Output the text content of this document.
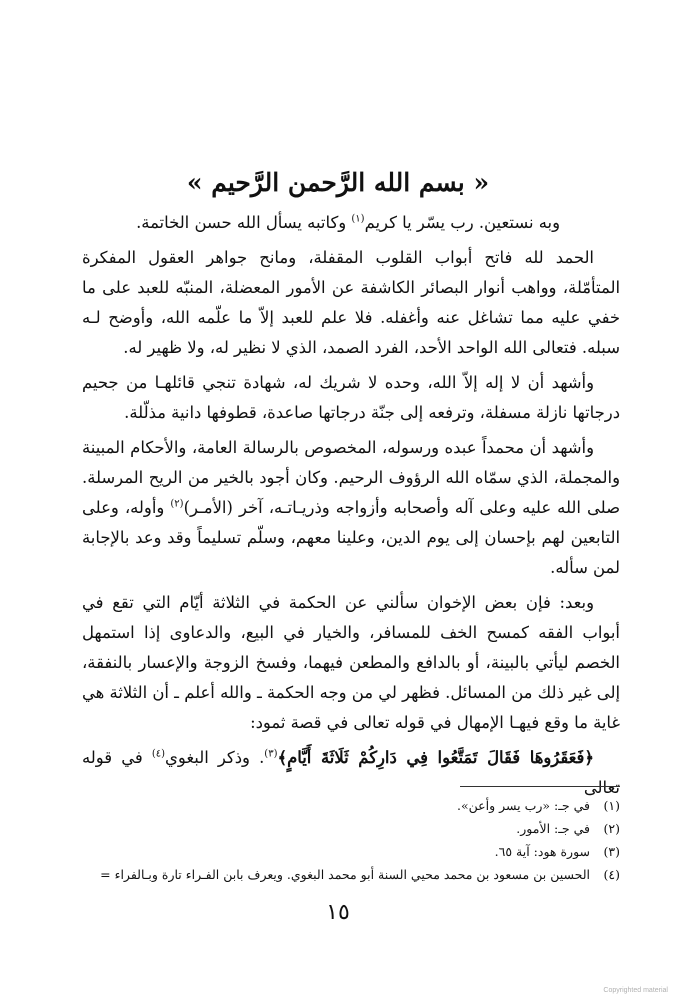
« بسم الله الرَّحمن الرَّحيم »

وبه نستعين. رب يسّر يا كريم$^{(١)}$ وكاتبه يسأل الله حسن الخاتمة.

الحمد لله فاتح أبواب القلوب المقفلة، ومانح جواهر العقول المفكرة المتأمّلة، وواهب أنوار البصائر الكاشفة عن الأمور المعضلة، المنبّه للعبد على ما خفي عليه مما تشاغل عنه وأغفله. فلا علم للعبد إلاّ ما علّمه الله، وأوضح لـه سبله. فتعالى الله الواحد الأحد، الفرد الصمد، الذي لا نظير له، ولا ظهير له.

وأشهد أن لا إله إلاّ الله، وحده لا شريك له، شهادة تنجي قائلهـا من جحيم درجاتها نازلة مسفلة، وترفعه إلى جنّة درجاتها صاعدة، قطوفها دانية مذلّلة.

وأشهد أن محمداً عبده ورسوله، المخصوص بالرسالة العامة، والأحكام المبينة والمجملة، الذي سمّاه الله الرؤوف الرحيم. وكان أجود بالخير من الريح المرسلة. صلى الله عليه وعلى آله وأصحابه وأزواجه وذريـاتـه، آخر (الأمـر)$^{(٢)}$ وأوله، وعلى التابعين لهم بإحسان إلى يوم الدين، وعلينا معهم، وسلّم تسليماً وقد وعد بالإجابة لمن سأله.

وبعد: فإن بعض الإخوان سألني عن الحكمة في الثلاثة أيّام التي تقع في أبواب الفقه كمسح الخف للمسافر، والخيار في البيع، والدعاوى إذا استمهل الخصم ليأتي بالبينة، أو بالدافع والمطعن فيهما، وفسخ الزوجة والإعسار بالنفقة، إلى غير ذلك من المسائل. فظهر لي من وجه الحكمة ـ والله أعلم ـ أن الثلاثة هي غاية ما وقع فيهـا الإمهال في قوله تعالى في قصة ثمود:

﴿فَعَقَرُوهَا فَقَالَ تَمَتَّعُوا فِي دَارِكُمْ ثَلَاثَةَ أَيَّامٍ﴾$^{(٣)}$. وذكر البغوي$^{(٤)}$ في قوله تعالى

(١)
في جـ: «رب يسر وأعن».
(٢)
في جـ: الأمور.
(٣)
سورة هود: آية ٦٥.
(٤)
الحسين بن مسعود بن محمد محيي السنة أبو محمد البغوي. ويعرف بابن الفـراء تارة وبـالفراء =
١٥
Copyrighted material
